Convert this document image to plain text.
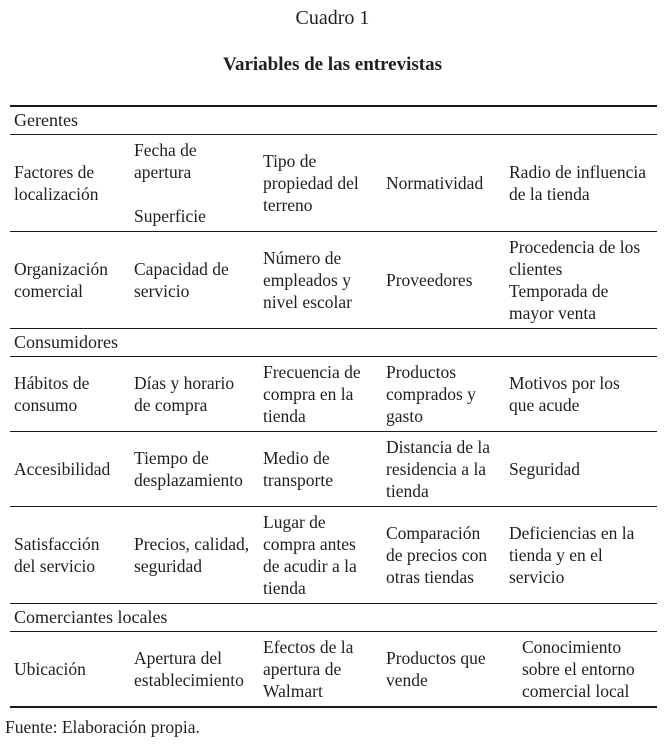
Cuadro 1
Variables de las entrevistas
Gerentes
Factores de localización
Fecha de apertura
Superficie
Tipo de propiedad del terreno
Normatividad
Radio de influencia de la tienda
Organización comercial
Capacidad de servicio
Número de empleados y nivel escolar
Proveedores
Procedencia de los clientes
Temporada de mayor venta
Consumidores
Hábitos de consumo
Días y horario de compra
Frecuencia de compra en la tienda
Productos comprados y gasto
Motivos por los que acude
Accesibilidad
Tiempo de desplazamiento
Medio de transporte
Distancia de la residencia a la tienda
Seguridad
Satisfacción del servicio
Precios, calidad, seguridad
Lugar de compra antes de acudir a la tienda
Comparación de precios con otras tiendas
Deficiencias en la tienda y en el servicio
Comerciantes locales
Ubicación
Apertura del establecimiento
Efectos de la apertura de Walmart
Productos que vende
Conocimiento sobre el entorno comercial local
Fuente: Elaboración propia.
